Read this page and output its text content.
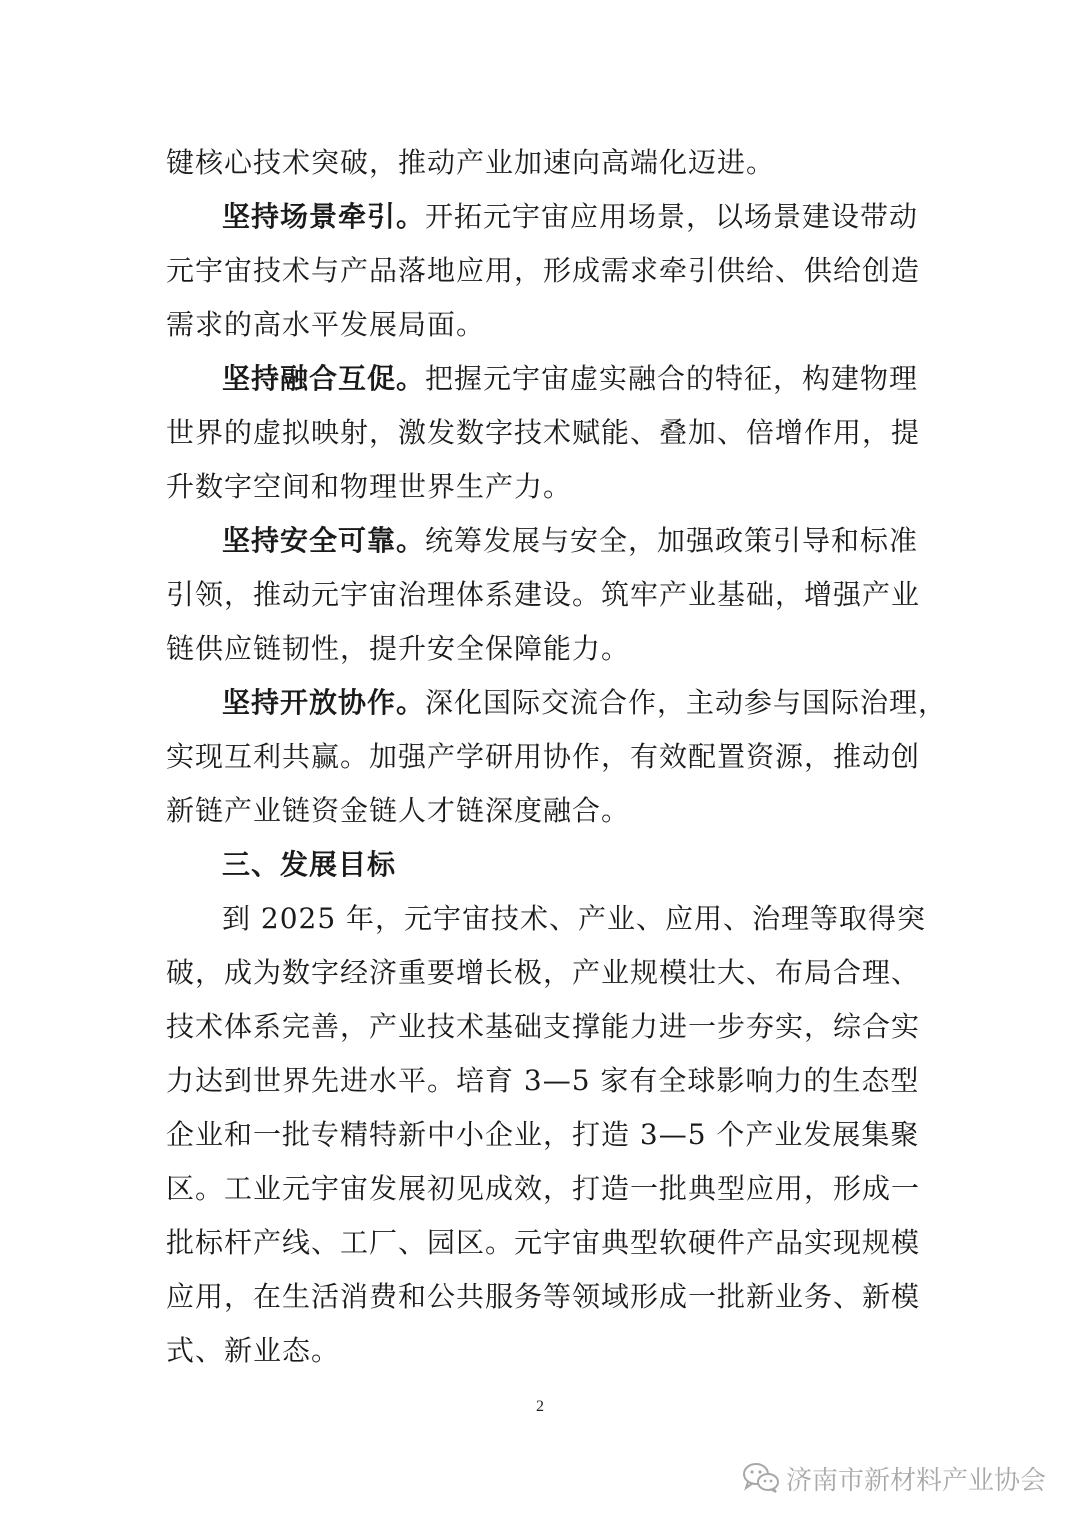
键核心技术突破，推动产业加速向高端化迈进。
坚持场景牵引。开拓元宇宙应用场景，以场景建设带动
元宇宙技术与产品落地应用，形成需求牵引供给、供给创造
需求的高水平发展局面。
坚持融合互促。把握元宇宙虚实融合的特征，构建物理
世界的虚拟映射，激发数字技术赋能、叠加、倍增作用，提
升数字空间和物理世界生产力。
坚持安全可靠。统筹发展与安全，加强政策引导和标准
引领，推动元宇宙治理体系建设。筑牢产业基础，增强产业
链供应链韧性，提升安全保障能力。
坚持开放协作。深化国际交流合作，主动参与国际治理，
实现互利共赢。加强产学研用协作，有效配置资源，推动创
新链产业链资金链人才链深度融合。
三、发展目标
到 2025 年，元宇宙技术、产业、应用、治理等取得突
破，成为数字经济重要增长极，产业规模壮大、布局合理、
技术体系完善，产业技术基础支撑能力进一步夯实，综合实
力达到世界先进水平。培育 3—5 家有全球影响力的生态型
企业和一批专精特新中小企业，打造 3—5 个产业发展集聚
区。工业元宇宙发展初见成效，打造一批典型应用，形成一
批标杆产线、工厂、园区。元宇宙典型软硬件产品实现规模
应用，在生活消费和公共服务等领域形成一批新业务、新模
式、新业态。
2
济南市新材料产业协会
